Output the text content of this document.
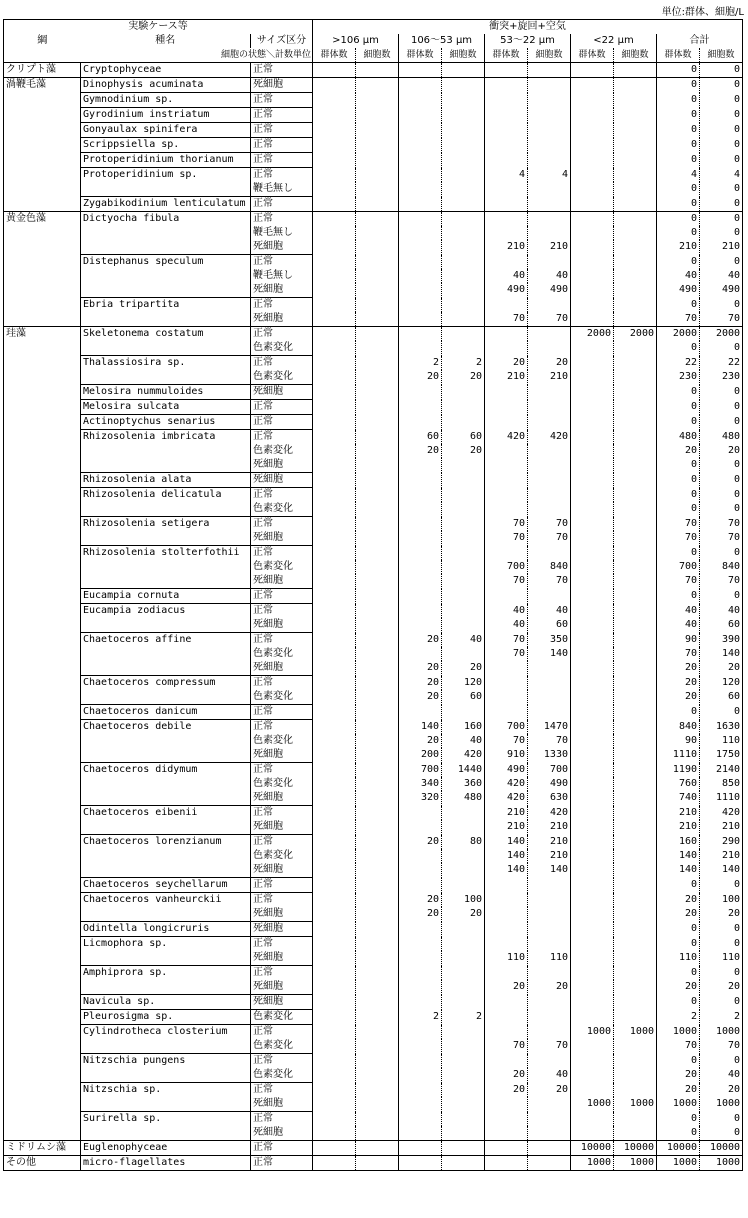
単位:群体、細胞/L
実験ケース等			衝突+旋回+空気									
綱	種名	サイズ区分	>106 μm		106〜53 μm		53〜22 μm		<22 μm		合計	
	細胞の状態＼計数単位		群体数	細胞数	群体数	細胞数	群体数	細胞数	群体数	細胞数	群体数	細胞数
クリプト藻	Cryptophyceae	正常									0	0
渦鞭毛藻	Dinophysis acuminata	死細胞									0	0
	Gymnodinium sp.	正常									0	0
	Gyrodinium instriatum	正常									0	0
	Gonyaulax spinifera	正常									0	0
	Scrippsiella sp.	正常									0	0
	Protoperidinium thorianum	正常									0	0
	Protoperidinium sp.	正常					4	4			4	4
		鞭毛無し									0	0
	Zygabikodinium lenticulatum	正常									0	0
黄金色藻	Dictyocha fibula	正常									0	0
		鞭毛無し									0	0
		死細胞					210	210			210	210
	Distephanus speculum	正常									0	0
		鞭毛無し					40	40			40	40
		死細胞					490	490			490	490
	Ebria tripartita	正常									0	0
		死細胞					70	70			70	70
珪藻	Skeletonema costatum	正常							2000	2000	2000	2000
		色素変化									0	0
	Thalassiosira sp.	正常			2	2	20	20			22	22
		色素変化			20	20	210	210			230	230
	Melosira nummuloides	死細胞									0	0
	Melosira sulcata	正常									0	0
	Actinoptychus senarius	正常									0	0
	Rhizosolenia imbricata	正常			60	60	420	420			480	480
		色素変化			20	20					20	20
		死細胞									0	0
	Rhizosolenia alata	死細胞									0	0
	Rhizosolenia delicatula	正常									0	0
		色素変化									0	0
	Rhizosolenia setigera	正常					70	70			70	70
		死細胞					70	70			70	70
	Rhizosolenia stolterfothii	正常									0	0
		色素変化					700	840			700	840
		死細胞					70	70			70	70
	Eucampia cornuta	正常									0	0
	Eucampia zodiacus	正常					40	40			40	40
		死細胞					40	60			40	60
	Chaetoceros affine	正常			20	40	70	350			90	390
		色素変化					70	140			70	140
		死細胞			20	20					20	20
	Chaetoceros compressum	正常			20	120					20	120
		色素変化			20	60					20	60
	Chaetoceros danicum	正常									0	0
	Chaetoceros debile	正常			140	160	700	1470			840	1630
		色素変化			20	40	70	70			90	110
		死細胞			200	420	910	1330			1110	1750
	Chaetoceros didymum	正常			700	1440	490	700			1190	2140
		色素変化			340	360	420	490			760	850
		死細胞			320	480	420	630			740	1110
	Chaetoceros eibenii	正常					210	420			210	420
		死細胞					210	210			210	210
	Chaetoceros lorenzianum	正常			20	80	140	210			160	290
		色素変化					140	210			140	210
		死細胞					140	140			140	140
	Chaetoceros seychellarum	正常									0	0
	Chaetoceros vanheurckii	正常			20	100					20	100
		死細胞			20	20					20	20
	Odintella longicruris	死細胞									0	0
	Licmophora sp.	正常									0	0
		死細胞					110	110			110	110
	Amphiprora sp.	正常									0	0
		死細胞					20	20			20	20
	Navicula sp.	死細胞									0	0
	Pleurosigma sp.	色素変化			2	2					2	2
	Cylindrotheca closterium	正常							1000	1000	1000	1000
		色素変化					70	70			70	70
	Nitzschia pungens	正常									0	0
		色素変化					20	40			20	40
	Nitzschia sp.	正常					20	20			20	20
		死細胞							1000	1000	1000	1000
	Surirella sp.	正常									0	0
		死細胞									0	0
ミドリムシ藻	Euglenophyceae	正常							10000	10000	10000	10000
その他	micro-flagellates	正常							1000	1000	1000	1000
